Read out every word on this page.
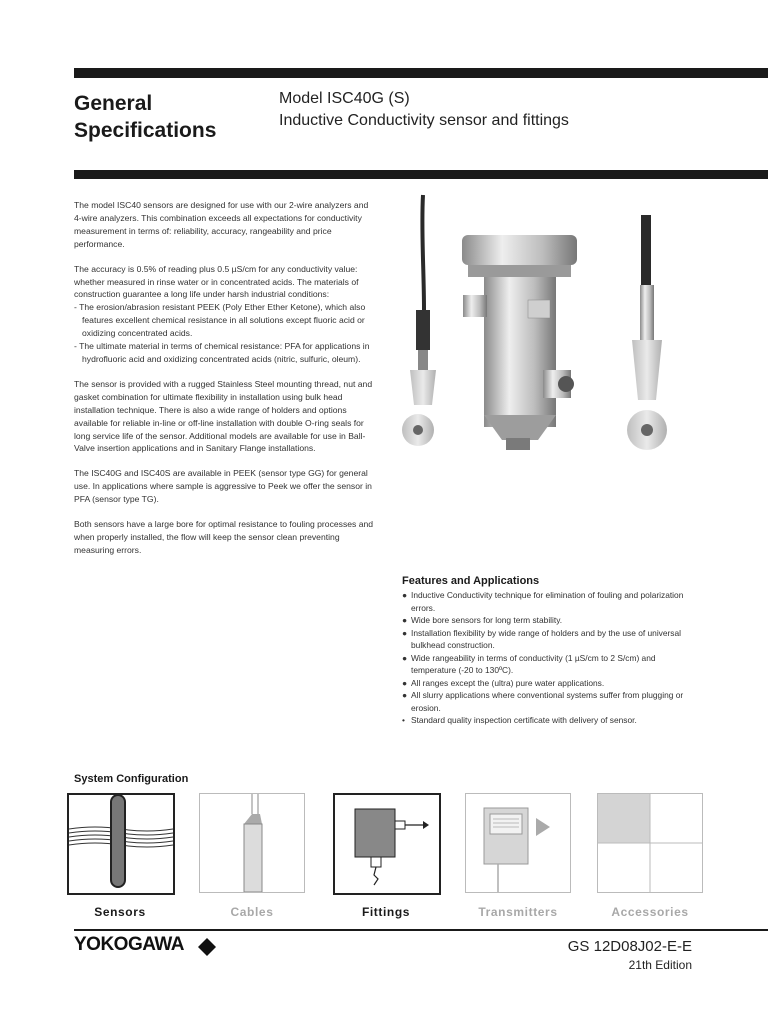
General
Specifications
Model ISC40G (S)
Inductive Conductivity sensor and fittings

The model ISC40 sensors are designed for use with our 2-wire analyzers and 4-wire analyzers. This combination exceeds all expectations for conductivity measurement in terms of: reliability, accuracy, rangeability and price performance.

The accuracy is 0.5% of reading plus 0.5 µS/cm for any conductivity value: whether measured in rinse water or in concentrated acids. The materials of construction guarantee a long life under harsh industrial conditions:

- The erosion/abrasion resistant PEEK (Poly Ether Ether Ketone), which also features excellent chemical resistance in all solutions except fluoric acid or oxidizing concentrated acids.
- The ultimate material in terms of chemical resistance: PFA for applications in hydrofluoric acid and oxidizing concentrated acids (nitric, sulfuric, oleum).

The sensor is provided with a rugged Stainless Steel mounting thread, nut and gasket combination for ultimate flexibility in installation using bulk head installation technique. There is also a wide range of holders and options available for reliable in-line or off-line installation with double O-ring seals for long service life of the sensor. Additional models are available for use in Ball-Valve insertion applications and in Sanitary Flange installations.

The ISC40G and ISC40S are available in PEEK (sensor type GG) for general use. In applications where sample is aggressive to Peek we offer the sensor in PFA (sensor type TG).

Both sensors have a large bore for optimal resistance to fouling processes and when properly installed, the flow will keep the sensor clean preventing measuring errors.

Features and Applications
● Inductive Conductivity technique for elimination of fouling and polarization errors.
● Wide bore sensors for long term stability.
● Installation flexibility by wide range of holders and by the use of universal bulkhead construction.
● Wide rangeability in terms of conductivity (1 µS/cm to 2 S/cm) and temperature (-20 to 130ºC).
● All ranges except the (ultra) pure water applications.
● All slurry applications where conventional systems suffer from plugging or erosion.
• Standard quality inspection certificate with delivery of sensor.
System Configuration
Sensors	Cables	Fittings	Transmitters	Accessories
YOKOGAWA	GS 12D08J02-E-E
21th Edition
